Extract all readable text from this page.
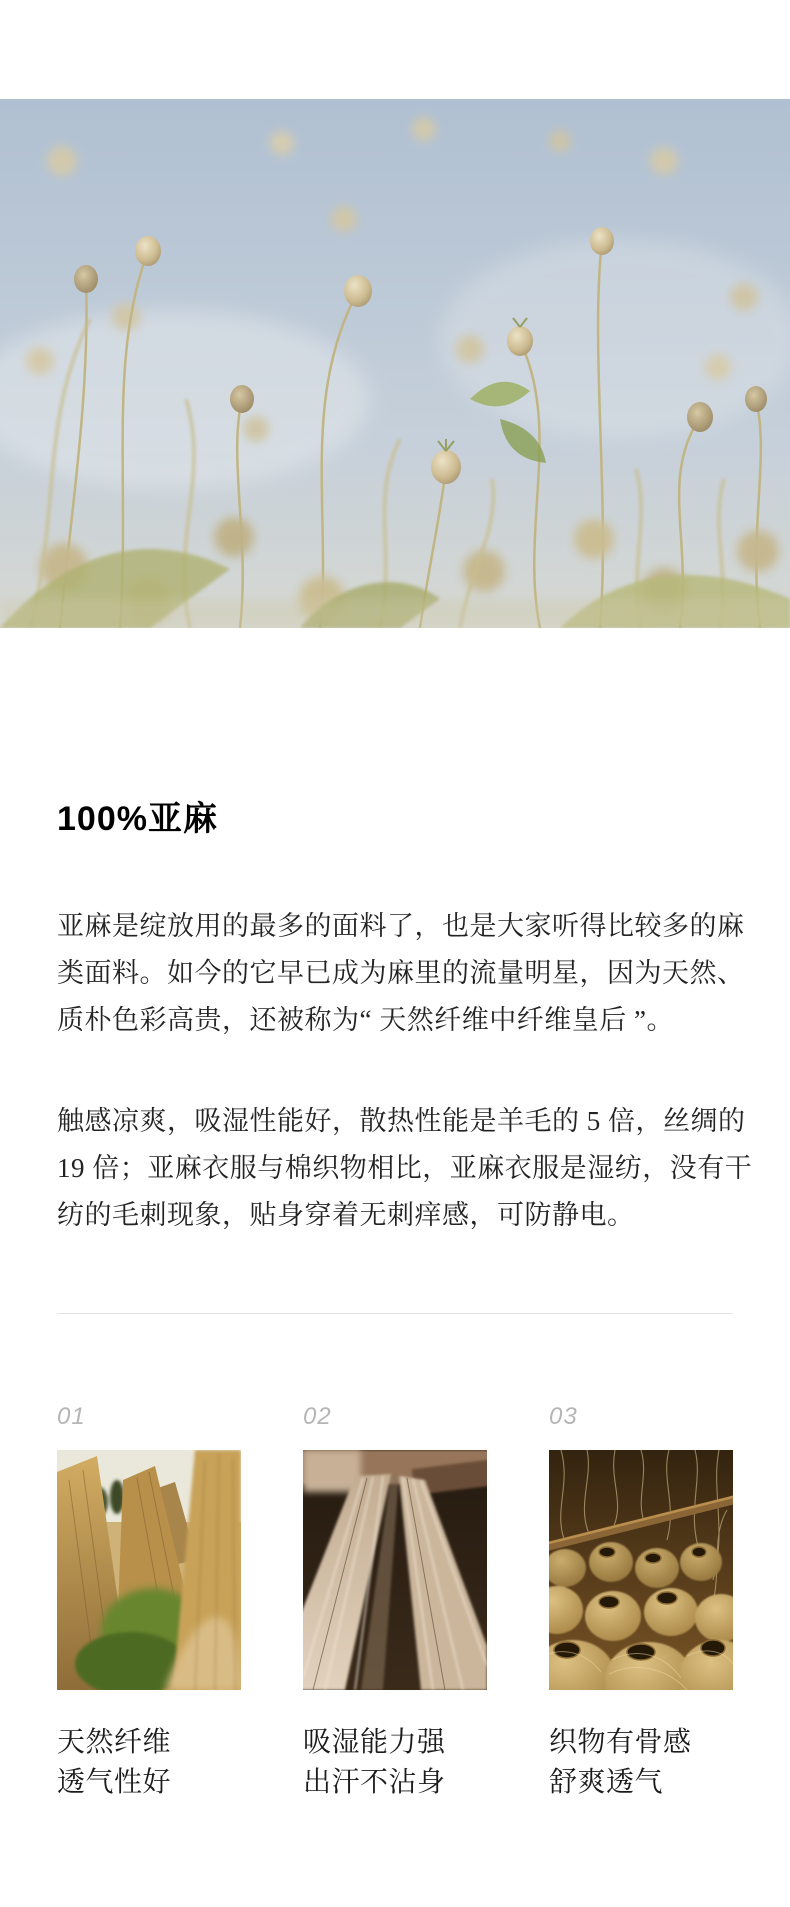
100%亚麻
亚麻是绽放用的最多的面料了，也是大家听得比较多的麻
类面料。如今的它早已成为麻里的流量明星，因为天然、
质朴色彩高贵，还被称为“ 天然纤维中纤维皇后 ”。
触感凉爽，吸湿性能好，散热性能是羊毛的 5 倍，丝绸的
19 倍；亚麻衣服与棉织物相比，亚麻衣服是湿纺，没有干
纺的毛刺现象，贴身穿着无刺痒感，可防静电。
01
天然纤维
透气性好
02
吸湿能力强
出汗不沾身
03
织物有骨感
舒爽透气
